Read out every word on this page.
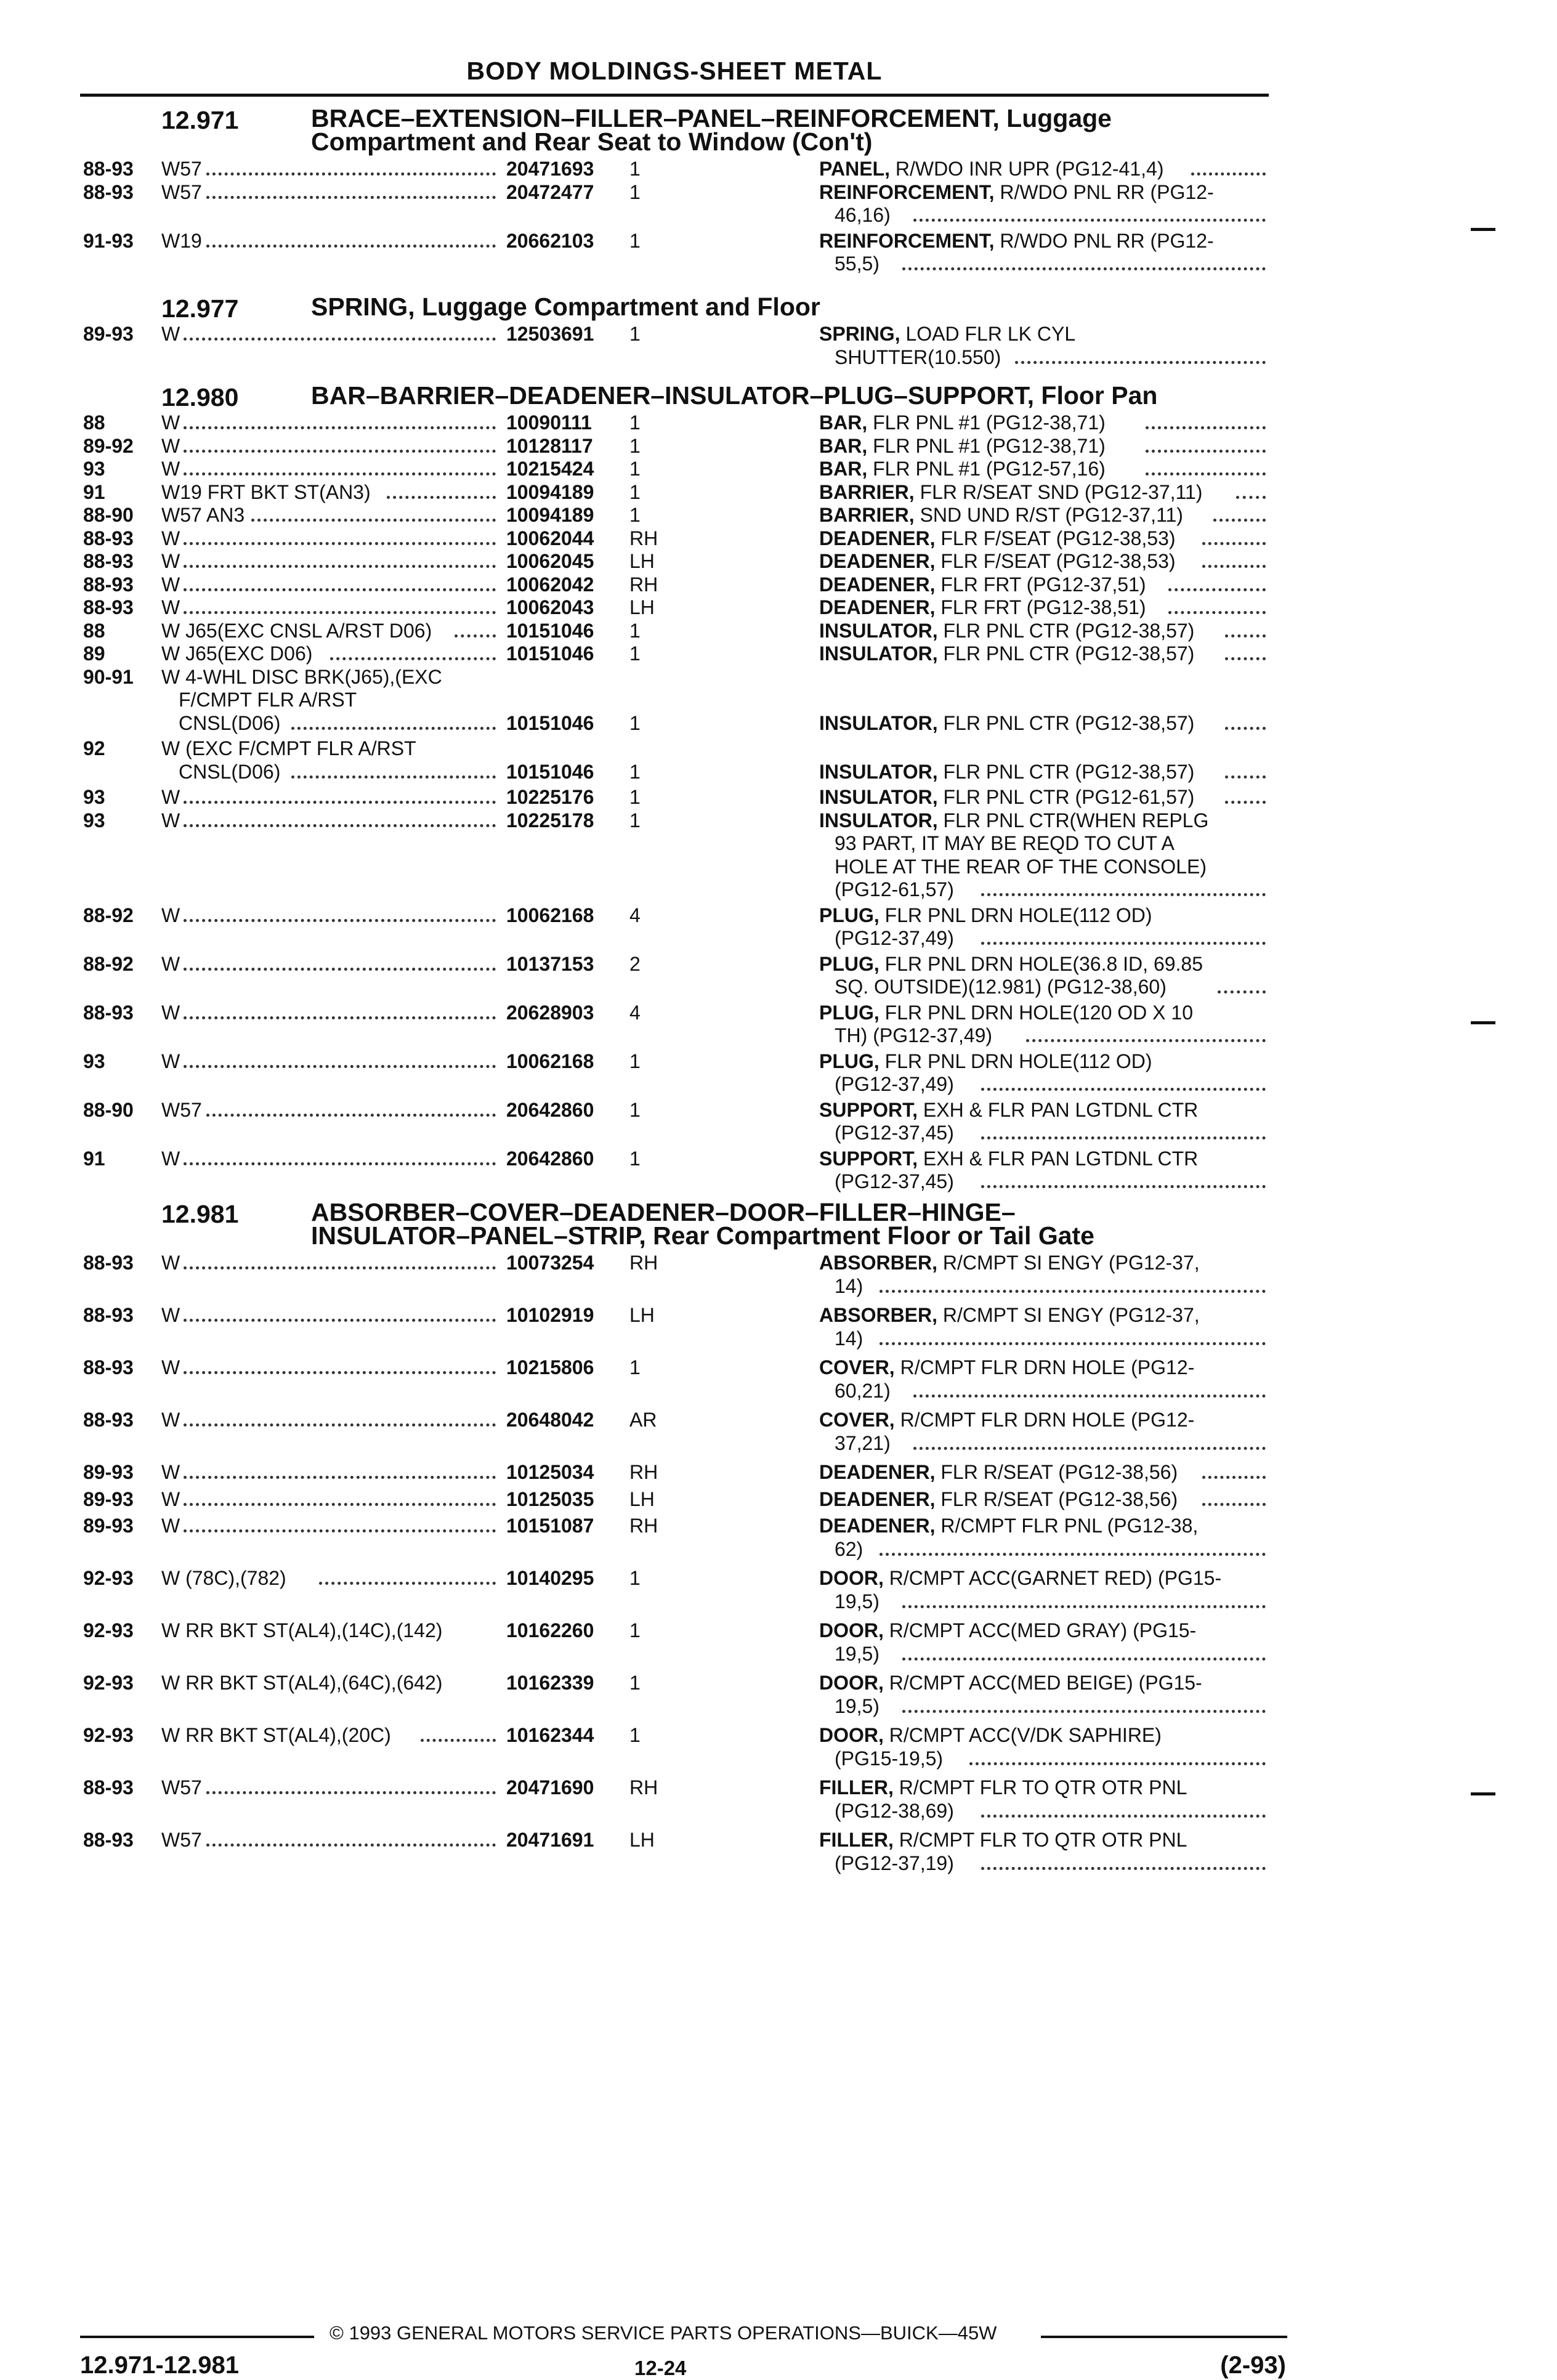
BODY MOLDINGS-SHEET METAL
12.971	BRACE–EXTENSION–FILLER–PANEL–REINFORCEMENT, Luggage
Compartment and Rear Seat to Window (Con't)
88-93 W57	20471693 1	PANEL, R/WDO INR UPR (PG12-41,4)
88-93 W57	20472477 1	REINFORCEMENT, R/WDO PNL RR (PG12-
46,16)
91-93 W19	20662103 1	REINFORCEMENT, R/WDO PNL RR (PG12-
55,5)
12.977	SPRING, Luggage Compartment and Floor
89-93 W	12503691 1	SPRING, LOAD FLR LK CYL
SHUTTER(10.550)
12.980	BAR–BARRIER–DEADENER–INSULATOR–PLUG–SUPPORT, Floor Pan
88	W	10090111 1	BAR, FLR PNL #1 (PG12-38,71)
89-92 W	10128117 1	BAR, FLR PNL #1 (PG12-38,71)
93	W	10215424 1	BAR, FLR PNL #1 (PG12-57,16)
91	W19 FRT BKT ST(AN3)	10094189 1	BARRIER, FLR R/SEAT SND (PG12-37,11)
88-90 W57 AN3	10094189 1	BARRIER, SND UND R/ST (PG12-37,11)
88-93 W	10062044 RH	DEADENER, FLR F/SEAT (PG12-38,53)
88-93 W	10062045 LH	DEADENER, FLR F/SEAT (PG12-38,53)
88-93 W	10062042 RH	DEADENER, FLR FRT (PG12-37,51)
88-93 W	10062043 LH	DEADENER, FLR FRT (PG12-38,51)
88	W J65(EXC CNSL A/RST D06)	10151046 1	INSULATOR, FLR PNL CTR (PG12-38,57)
89	W J65(EXC D06)	10151046 1	INSULATOR, FLR PNL CTR (PG12-38,57)
90-91 W 4-WHL DISC BRK(J65),(EXC
F/CMPT FLR A/RST
CNSL(D06)	10151046 1	INSULATOR, FLR PNL CTR (PG12-38,57)
92	W (EXC F/CMPT FLR A/RST
CNSL(D06)	10151046 1	INSULATOR, FLR PNL CTR (PG12-38,57)
93	W	10225176 1	INSULATOR, FLR PNL CTR (PG12-61,57)
93	W	10225178 1	INSULATOR, FLR PNL CTR(WHEN REPLG
93 PART, IT MAY BE REQD TO CUT A
HOLE AT THE REAR OF THE CONSOLE)
(PG12-61,57)
88-92 W	10062168 4	PLUG, FLR PNL DRN HOLE(112 OD)
(PG12-37,49)
88-92 W	10137153 2	PLUG, FLR PNL DRN HOLE(36.8 ID, 69.85
SQ. OUTSIDE)(12.981) (PG12-38,60)
88-93 W	20628903 4	PLUG, FLR PNL DRN HOLE(120 OD X 10
TH) (PG12-37,49)
93	W	10062168 1	PLUG, FLR PNL DRN HOLE(112 OD)
(PG12-37,49)
88-90 W57	20642860 1	SUPPORT, EXH & FLR PAN LGTDNL CTR
(PG12-37,45)
91	W	20642860 1	SUPPORT, EXH & FLR PAN LGTDNL CTR
(PG12-37,45)
12.981	ABSORBER–COVER–DEADENER–DOOR–FILLER–HINGE–
INSULATOR–PANEL–STRIP, Rear Compartment Floor or Tail Gate
88-93 W	10073254 RH	ABSORBER, R/CMPT SI ENGY (PG12-37,
14)
88-93 W	10102919 LH	ABSORBER, R/CMPT SI ENGY (PG12-37,
14)
88-93 W	10215806 1	COVER, R/CMPT FLR DRN HOLE (PG12-
60,21)
88-93 W	20648042 AR	COVER, R/CMPT FLR DRN HOLE (PG12-
37,21)
89-93 W	10125034 RH	DEADENER, FLR R/SEAT (PG12-38,56)
89-93 W	10125035 LH	DEADENER, FLR R/SEAT (PG12-38,56)
89-93 W	10151087 RH	DEADENER, R/CMPT FLR PNL (PG12-38,
62)
92-93 W (78C),(782)	10140295 1	DOOR, R/CMPT ACC(GARNET RED) (PG15-
19,5)
92-93 W RR BKT ST(AL4),(14C),(142)	10162260 1	DOOR, R/CMPT ACC(MED GRAY) (PG15-
19,5)
92-93 W RR BKT ST(AL4),(64C),(642)	10162339 1	DOOR, R/CMPT ACC(MED BEIGE) (PG15-
19,5)
92-93 W RR BKT ST(AL4),(20C)	10162344 1	DOOR, R/CMPT ACC(V/DK SAPHIRE)
(PG15-19,5)
88-93 W57	20471690 RH	FILLER, R/CMPT FLR TO QTR OTR PNL
(PG12-38,69)
88-93 W57	20471691 LH	FILLER, R/CMPT FLR TO QTR OTR PNL
(PG12-37,19)
© 1993 GENERAL MOTORS SERVICE PARTS OPERATIONS—BUICK—45W
12.971-12.981	12-24	(2-93)
